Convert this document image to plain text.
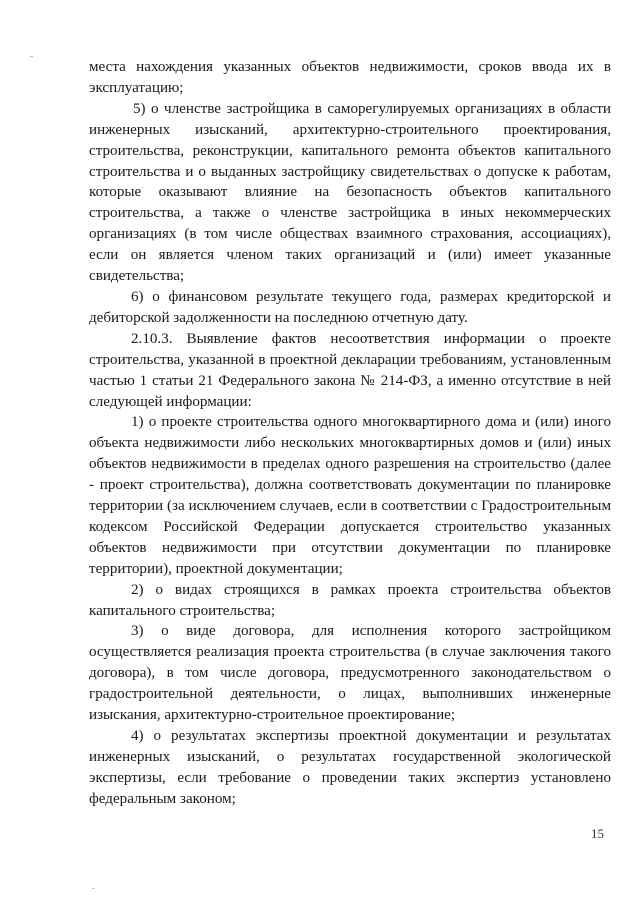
места нахождения указанных объектов недвижимости, сроков ввода их в эксплуатацию;

5) о членстве застройщика в саморегулируемых организациях в области инженерных изысканий, архитектурно-строительного проектирования, строительства, реконструкции, капитального ремонта объектов капитального строительства и о выданных застройщику свидетельствах о допуске к работам, которые оказывают влияние на безопасность объектов капитального строительства, а также о членстве застройщика в иных некоммерческих организациях (в том числе обществах взаимного страхования, ассоциациях), если он является членом таких организаций и (или) имеет указанные свидетельства;

6) о финансовом результате текущего года, размерах кредиторской и дебиторской задолженности на последнюю отчетную дату.

2.10.3. Выявление фактов несоответствия информации о проекте строительства, указанной в проектной декларации требованиям, установленным частью 1 статьи 21 Федерального закона № 214-ФЗ, а именно отсутствие в ней следующей информации:

1) о проекте строительства одного многоквартирного дома и (или) иного объекта недвижимости либо нескольких многоквартирных домов и (или) иных объектов недвижимости в пределах одного разрешения на строительство (далее - проект строительства), должна соответствовать документации по планировке территории (за исключением случаев, если в соответствии с Градостроительным кодексом Российской Федерации допускается строительство указанных объектов недвижимости при отсутствии документации по планировке территории), проектной документации;

2) о видах строящихся в рамках проекта строительства объектов капитального строительства;

3) о виде договора, для исполнения которого застройщиком осуществляется реализация проекта строительства (в случае заключения такого договора), в том числе договора, предусмотренного законодательством о градостроительной деятельности, о лицах, выполнивших инженерные изыскания, архитектурно-строительное проектирование;

4) о результатах экспертизы проектной документации и результатах инженерных изысканий, о результатах государственной экологической экспертизы, если требование о проведении таких экспертиз установлено федеральным законом;

15
